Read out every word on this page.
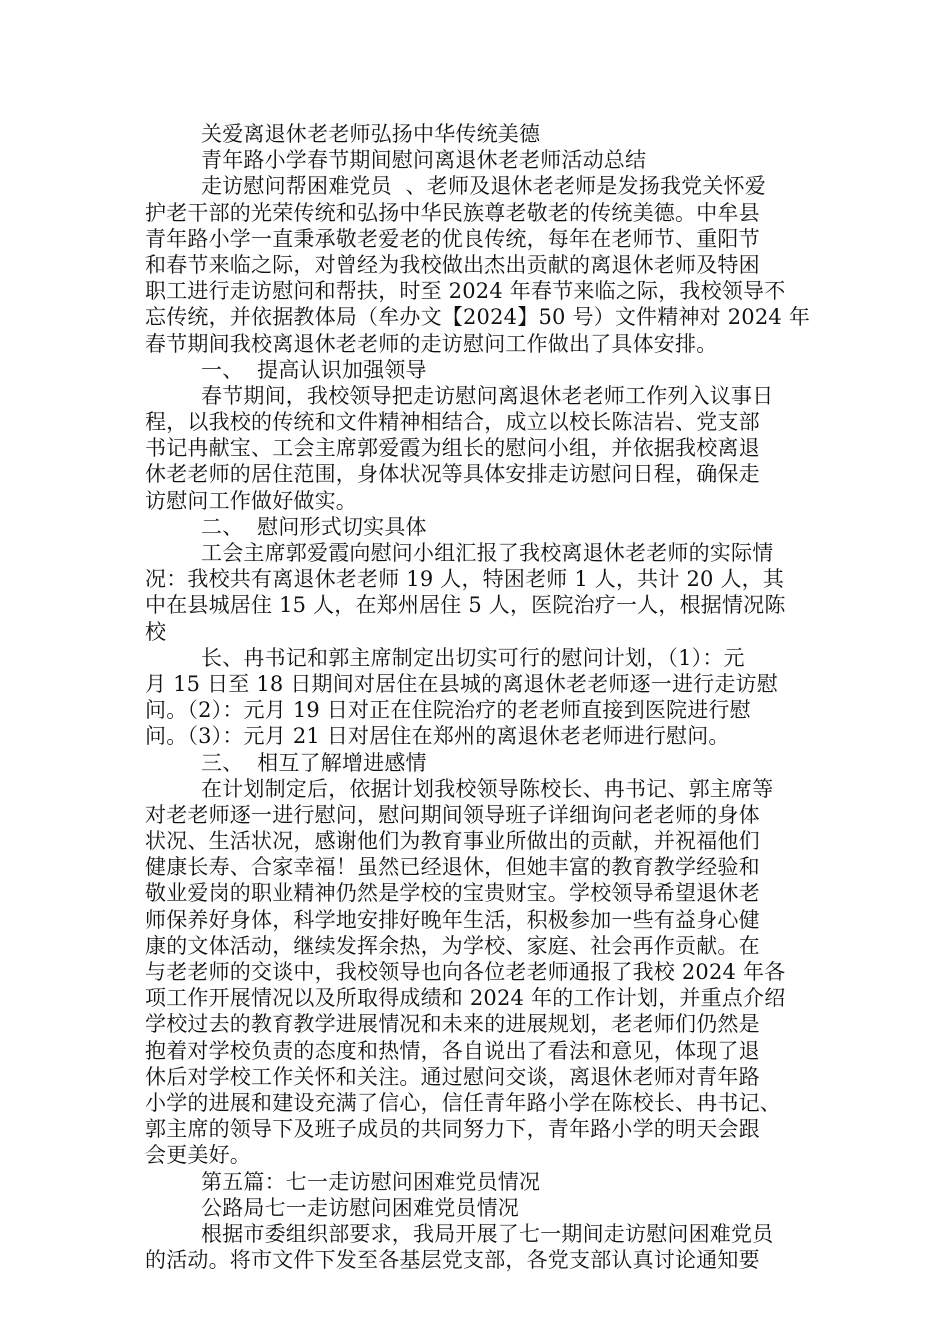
关爱离退休老老师弘扬中华传统美德
青年路小学春节期间慰问离退休老老师活动总结
走访慰问帮困难党员  、老师及退休老老师是发扬我党关怀爱
护老干部的光荣传统和弘扬中华民族尊老敬老的传统美德。中牟县
青年路小学一直秉承敬老爱老的优良传统，每年在老师节、重阳节
和春节来临之际，对曾经为我校做出杰出贡献的离退休老师及特困
职工进行走访慰问和帮扶，时至 2024 年春节来临之际，我校领导不
忘传统，并依据教体局（牟办文【2024】50 号）文件精神对 2024 年
春节期间我校离退休老老师的走访慰问工作做出了具体安排。
一、  提高认识加强领导
春节期间，我校领导把走访慰问离退休老老师工作列入议事日
程，以我校的传统和文件精神相结合，成立以校长陈洁岩、党支部
书记冉献宝、工会主席郭爱霞为组长的慰问小组，并依据我校离退
休老老师的居住范围，身体状况等具体安排走访慰问日程，确保走
访慰问工作做好做实。
二、  慰问形式切实具体
工会主席郭爱霞向慰问小组汇报了我校离退休老老师的实际情
况：我校共有离退休老老师 19 人，特困老师 1 人，共计 20 人，其
中在县城居住 15 人，在郑州居住 5 人，医院治疗一人，根据情况陈
校
长、冉书记和郭主席制定出切实可行的慰问计划，（1）：元
月 15 日至 18 日期间对居住在县城的离退休老老师逐一进行走访慰
问。（2）：元月 19 日对正在住院治疗的老老师直接到医院进行慰
问。（3）：元月 21 日对居住在郑州的离退休老老师进行慰问。
三、  相互了解增进感情
在计划制定后，依据计划我校领导陈校长、冉书记、郭主席等
对老老师逐一进行慰问，慰问期间领导班子详细询问老老师的身体
状况、生活状况，感谢他们为教育事业所做出的贡献，并祝福他们
健康长寿、合家幸福！虽然已经退休，但她丰富的教育教学经验和
敬业爱岗的职业精神仍然是学校的宝贵财宝。学校领导希望退休老
师保养好身体，科学地安排好晚年生活，积极参加一些有益身心健
康的文体活动，继续发挥余热，为学校、家庭、社会再作贡献。在
与老老师的交谈中，我校领导也向各位老老师通报了我校 2024 年各
项工作开展情况以及所取得成绩和 2024 年的工作计划，并重点介绍
学校过去的教育教学进展情况和未来的进展规划，老老师们仍然是
抱着对学校负责的态度和热情，各自说出了看法和意见，体现了退
休后对学校工作关怀和关注。通过慰问交谈，离退休老师对青年路
小学的进展和建设充满了信心，信任青年路小学在陈校长、冉书记、
郭主席的领导下及班子成员的共同努力下，青年路小学的明天会跟
会更美好。
第五篇：七一走访慰问困难党员情况
公路局七一走访慰问困难党员情况
根据市委组织部要求，我局开展了七一期间走访慰问困难党员
的活动。将市文件下发至各基层党支部，各党支部认真讨论通知要
